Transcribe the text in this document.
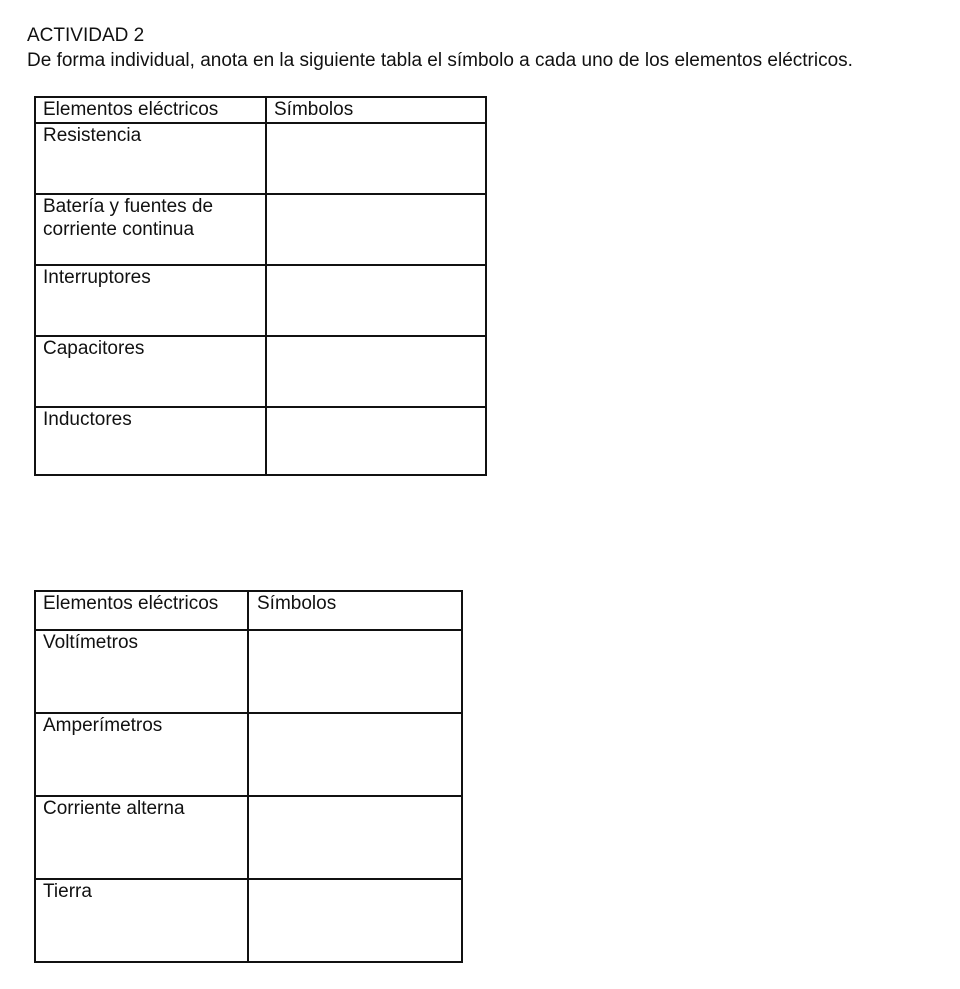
ACTIVIDAD 2

De forma individual, anota en la siguiente tabla el símbolo a cada uno de los elementos eléctricos.

Elementos eléctricos	Símbolos
Resistencia	
Batería y fuentes de corriente continua	
Interruptores	
Capacitores	
Inductores	
Elementos eléctricos	Símbolos
Voltímetros	
Amperímetros	
Corriente alterna	
Tierra	
